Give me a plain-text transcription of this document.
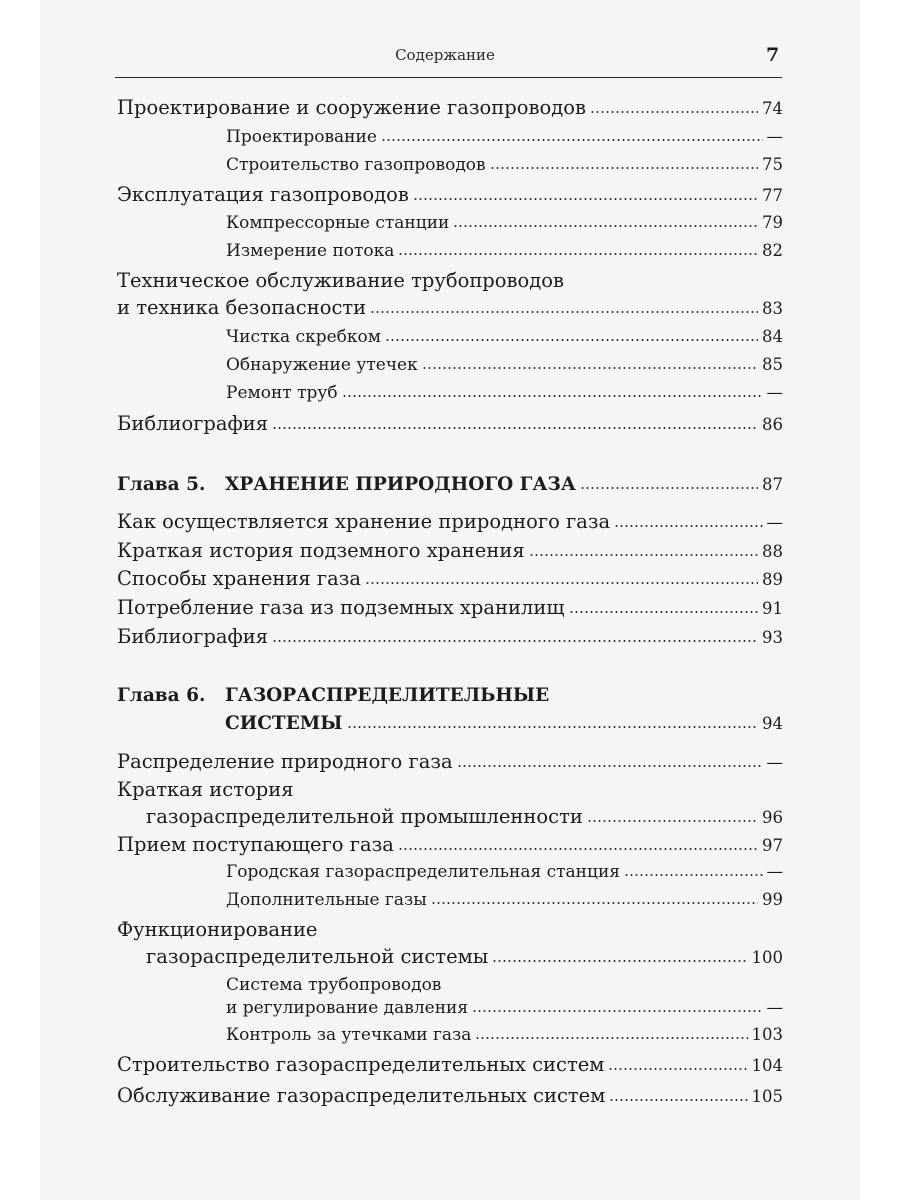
Содержание	7
Проектирование и сооружение газопроводов	74
Проектирование	—
Строительство газопроводов	75
Эксплуатация газопроводов	77
Компрессорные станции	79
Измерение потока	82
Техническое обслуживание трубопроводов
и техника безопасности	83
Чистка скребком	84
Обнаружение утечек	85
Ремонт труб	—
Библиография	86
Глава 5.	ХРАНЕНИЕ ПРИРОДНОГО ГАЗА	87
Как осуществляется хранение природного газа	—
Краткая история подземного хранения	88
Способы хранения газа	89
Потребление газа из подземных хранилищ	91
Библиография	93
Глава 6. ГАЗОРАСПРЕДЕЛИТЕЛЬНЫЕ
СИСТЕМЫ	94
Распределение природного газа	—
Краткая история
газораспределительной промышленности	96
Прием поступающего газа	97
Городская газораспределительная станция	—
Дополнительные газы	99
Функционирование
газораспределительной системы	100
Система трубопроводов
и регулирование давления	—
Контроль за утечками газа	103
Строительство газораспределительных систем	104
Обслуживание газораспределительных систем	105
